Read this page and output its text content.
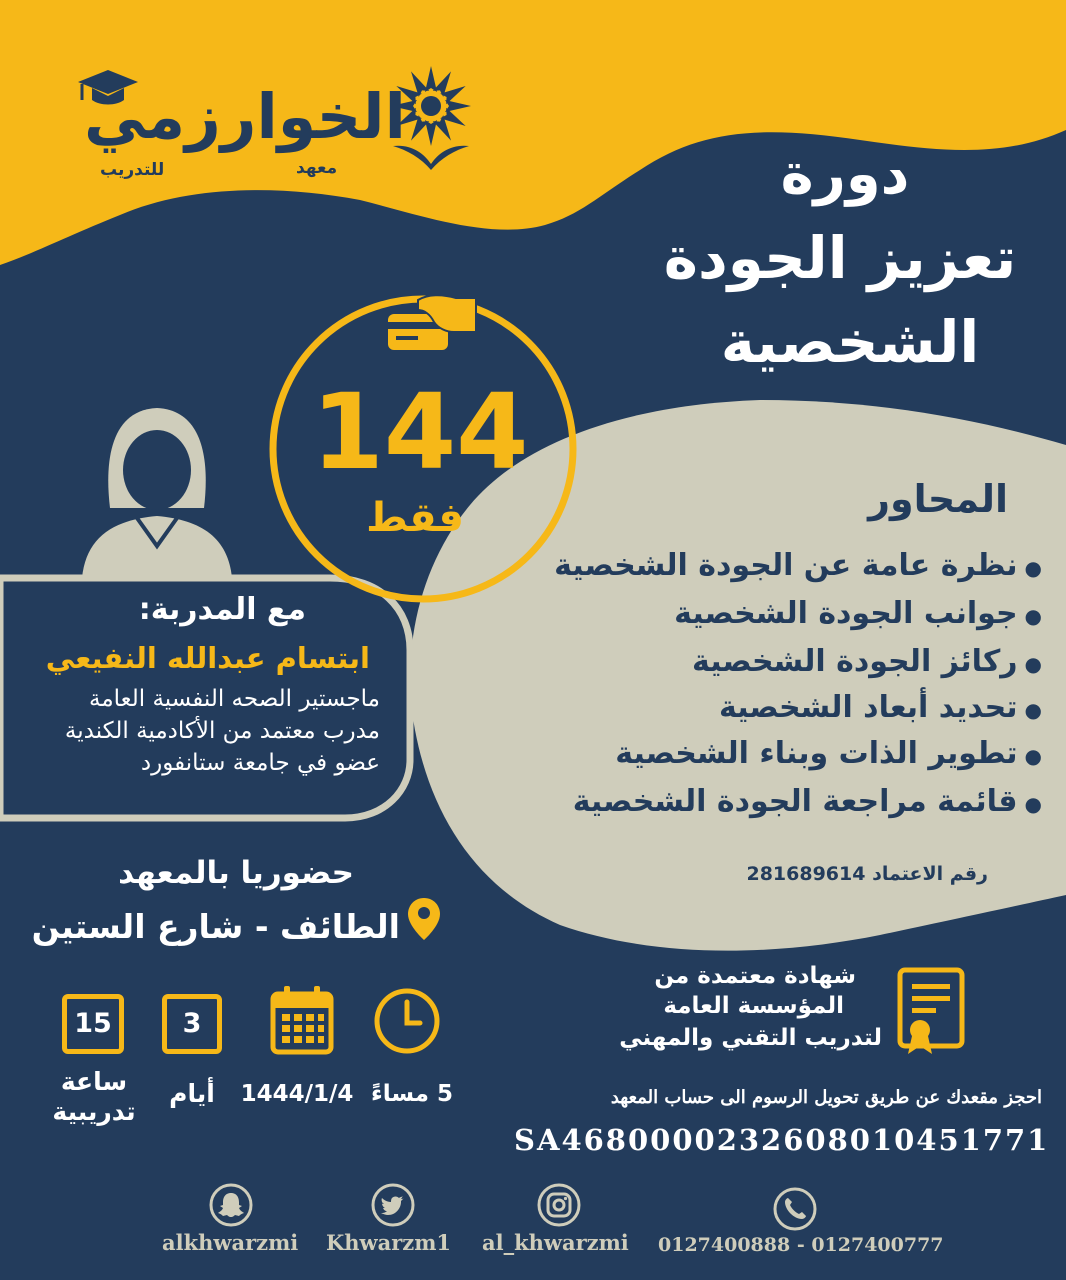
الخوارزمي
معهد
للتدريب	دورة
تعزيز الجودة
الشخصية
144
فقط
مع المدربة:
ابتسام عبدالله النفيعي
ماجستير الصحه النفسية العامة
مدرب معتمد من الأكادمية الكندية
عضو في جامعة ستانفورد
المحاور
● نظرة عامة عن الجودة الشخصية
● جوانب الجودة الشخصية
● ركائز الجودة الشخصية
● تحديد أبعاد الشخصية
● تطوير الذات وبناء الشخصية
● قائمة مراجعة الجودة الشخصية
رقم الاعتماد 281689614
حضوريا بالمعهد
الطائف - شارع الستين
شهادة معتمدة من
المؤسسة العامة
لتدريب التقني والمهني
15
ساعة
تدريبية
3
أيام	1444/1/4 5 مساءً	احجز مقعدك عن طريق تحويل الرسوم الى حساب المعهد
SA4680000232608010451771
alkhwarzmi Khwarzm1 al_khwarzmi 0127400888 - 0127400777
